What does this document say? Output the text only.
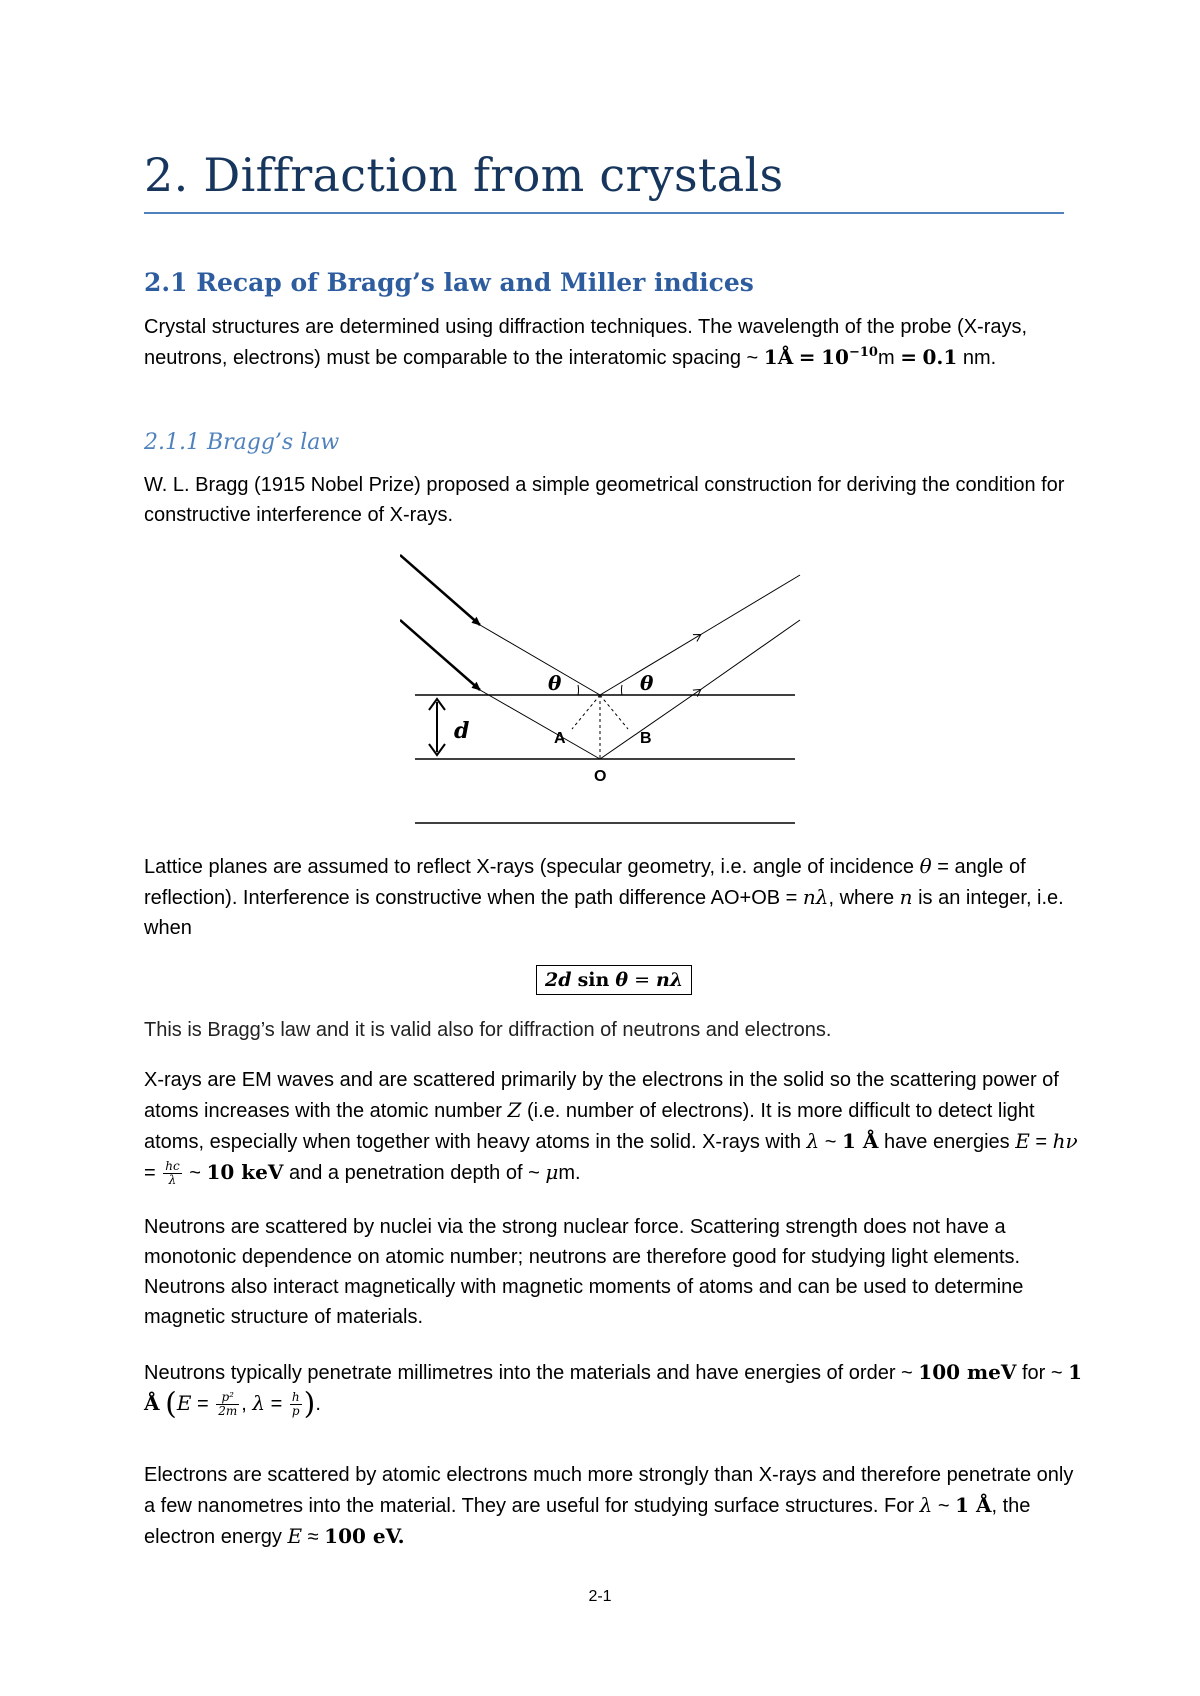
2. Diffraction from crystals
2.1 Recap of Bragg’s law and Miller indices

Crystal structures are determined using diffraction techniques. The wavelength of the probe (X-rays, neutrons, electrons) must be comparable to the interatomic spacing ~ 1Å = $10^{-10}m = 0.1$ nm.

2.1.1 Bragg’s law

W. L. Bragg (1915 Nobel Prize) proposed a simple geometrical construction for deriving the condition for constructive interference of X-rays.

θ	θ
d	A	B
O

Lattice planes are assumed to reflect X-rays (specular geometry, i.e. angle of incidence θ = angle of reflection). Interference is constructive when the path difference AO+OB = nλ, where n is an integer, i.e. when

2d sin θ = nλ

This is Bragg’s law and it is valid also for diffraction of neutrons and electrons.

X-rays are EM waves and are scattered primarily by the electrons in the solid so the scattering power of atoms increases with the atomic number Z (i.e. number of electrons). It is more difficult to detect light atoms, especially when together with heavy atoms in the solid. X-rays with λ ~ 1 Å have energies $E = h\nu = \frac{hc}{\lambda}$ ~ 10 keV and a penetration depth of ~ μm.

Neutrons are scattered by nuclei via the strong nuclear force. Scattering strength does not have a monotonic dependence on atomic number; neutrons are therefore good for studying light elements. Neutrons also interact magnetically with magnetic moments of atoms and can be used to determine magnetic structure of materials.

Neutrons typically penetrate millimetres into the materials and have energies of order ~ 100 meV for ~ 1 Å ($E = \frac{\text{p²}}{2m}$ , $\lambda = \frac{h}{p}$ ).

Electrons are scattered by atomic electrons much more strongly than X-rays and therefore penetrate only a few nanometres into the material. They are useful for studying surface structures. For λ ~ 1 Å, the electron energy E ≈ 100 eV.

2-1
